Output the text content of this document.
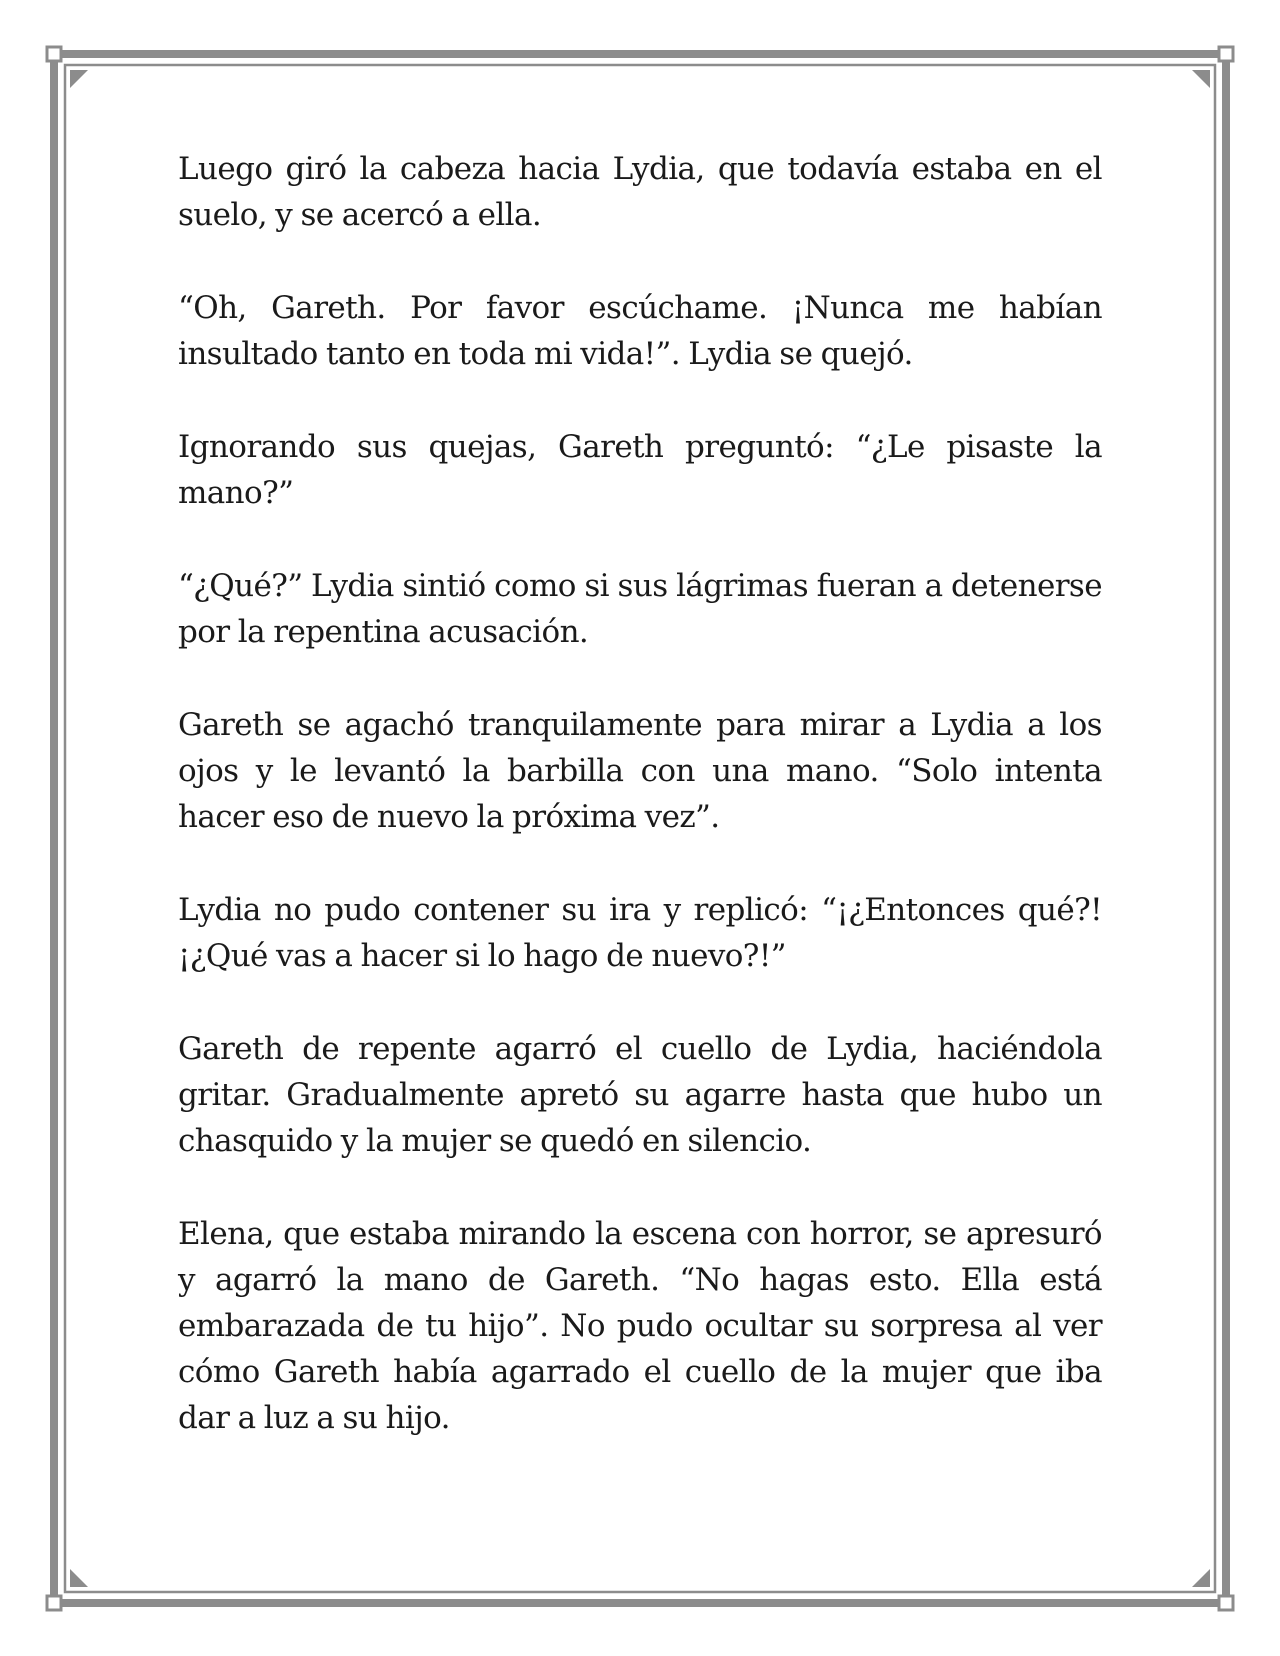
Luego giró la cabeza hacia Lydia, que todavía estaba en el suelo, y se acercó a ella.

“Oh, Gareth. Por favor escúchame. ¡Nunca me habían insultado tanto en toda mi vida!”. Lydia se quejó.

Ignorando sus quejas, Gareth preguntó: “¿Le pisaste la mano?”

“¿Qué?” Lydia sintió como si sus lágrimas fueran a detenerse por la repentina acusación.

Gareth se agachó tranquilamente para mirar a Lydia a los ojos y le levantó la barbilla con una mano. “Solo intenta hacer eso de nuevo la próxima vez”.

Lydia no pudo contener su ira y replicó: “¡¿Entonces qué?! ¡¿Qué vas a hacer si lo hago de nuevo?!”

Gareth de repente agarró el cuello de Lydia, haciéndola gritar. Gradualmente apretó su agarre hasta que hubo un chasquido y la mujer se quedó en silencio.

Elena, que estaba mirando la escena con horror, se apresuró y agarró la mano de Gareth. “No hagas esto. Ella está embarazada de tu hijo”. No pudo ocultar su sorpresa al ver cómo Gareth había agarrado el cuello de la mujer que iba dar a luz a su hijo.
